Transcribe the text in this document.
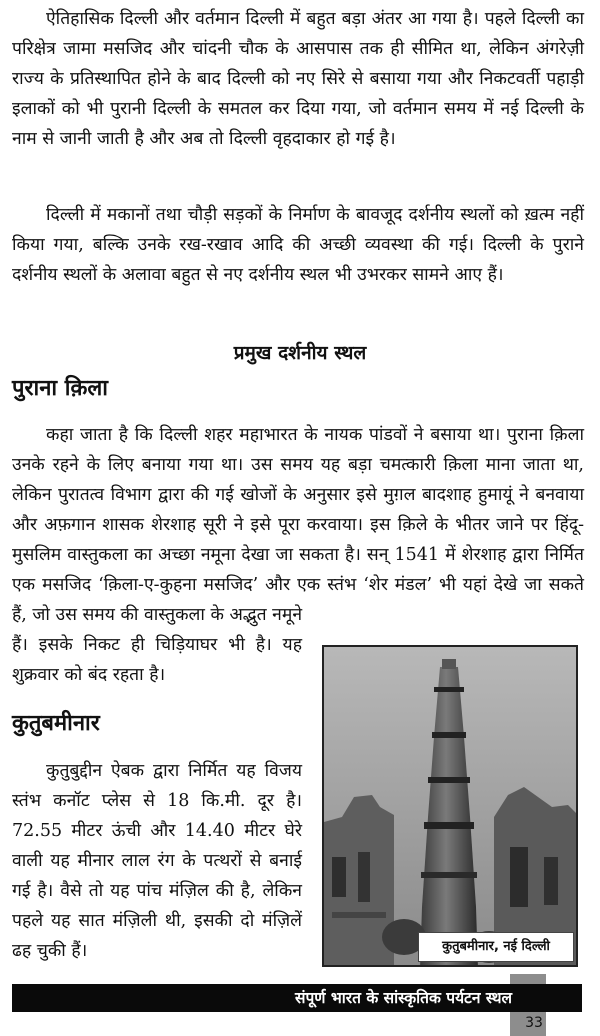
ऐतिहासिक दिल्ली और वर्तमान दिल्ली में बहुत बड़ा अंतर आ गया है। पहले दिल्ली का परिक्षेत्र जामा मसजिद और चांदनी चौक के आसपास तक ही सीमित था, लेकिन अंगरेज़ी राज्य के प्रतिस्थापित होने के बाद दिल्ली को नए सिरे से बसाया गया और निकटवर्ती पहाड़ी इलाकों को भी पुरानी दिल्ली के समतल कर दिया गया, जो वर्तमान समय में नई दिल्ली के नाम से जानी जाती है और अब तो दिल्ली वृहदाकार हो गई है।

दिल्ली में मकानों तथा चौड़ी सड़कों के निर्माण के बावजूद दर्शनीय स्थलों को ख़त्म नहीं किया गया, बल्कि उनके रख-रखाव आदि की अच्छी व्यवस्था की गई। दिल्ली के पुराने दर्शनीय स्थलों के अलावा बहुत से नए दर्शनीय स्थल भी उभरकर सामने आए हैं।

प्रमुख दर्शनीय स्थल
पुराना क़िला

कहा जाता है कि दिल्ली शहर महाभारत के नायक पांडवों ने बसाया था। पुराना क़िला उनके रहने के लिए बनाया गया था। उस समय यह बड़ा चमत्कारी क़िला माना जाता था, लेकिन पुरातत्व विभाग द्वारा की गई खोजों के अनुसार इसे मुग़ल बादशाह हुमायूं ने बनवाया और अफ़गान शासक शेरशाह सूरी ने इसे पूरा करवाया। इस क़िले के भीतर जाने पर हिंदू-मुसलिम वास्तुकला का अच्छा नमूना देखा जा सकता है। सन् 1541 में शेरशाह द्वारा निर्मित एक मसजिद ‘क़िला-ए-कुहना मसजिद’ और एक स्तंभ ‘शेर मंडल’ भी यहां देखे जा सकते हैं, जो उस समय की वास्तुकला के अद्भुत नमूने

हैं। इसके निकट ही चिड़ियाघर भी है। यह शुक्रवार को बंद रहता है।

कुतुबमीनार

कुतुबुद्दीन ऐबक द्वारा निर्मित यह विजय स्तंभ कनॉट प्लेस से 18 कि.मी. दूर है। 72.55 मीटर ऊंची और 14.40 मीटर घेरे वाली यह मीनार लाल रंग के पत्थरों से बनाई गई है। वैसे तो यह पांच मंज़िल की है, लेकिन पहले यह सात मंज़िली थी, इसकी दो मंज़िलें ढह चुकी हैं।	कुतुबमीनार, नई दिल्ली
संपूर्ण भारत के सांस्कृतिक पर्यटन स्थल
33
